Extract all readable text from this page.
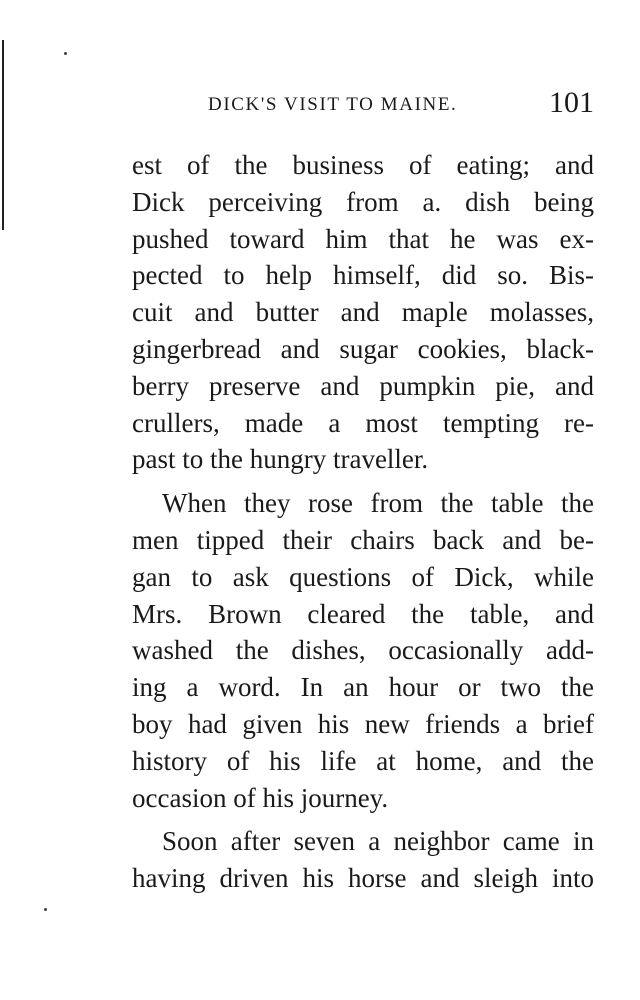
DICK'S VISIT TO MAINE.	101
est of the business of eating; and
Dick perceiving from a. dish being
pushed toward him that he was ex-
pected to help himself, did so. Bis-
cuit and butter and maple molasses,
gingerbread and sugar cookies, black-
berry preserve and pumpkin pie, and
crullers, made a most tempting re-
past to the hungry traveller.
When they rose from the table the
men tipped their chairs back and be-
gan to ask questions of Dick, while
Mrs. Brown cleared the table, and
washed the dishes, occasionally add-
ing a word. In an hour or two the
boy had given his new friends a brief
history of his life at home, and the
occasion of his journey.
Soon after seven a neighbor came in
having driven his horse and sleigh into
